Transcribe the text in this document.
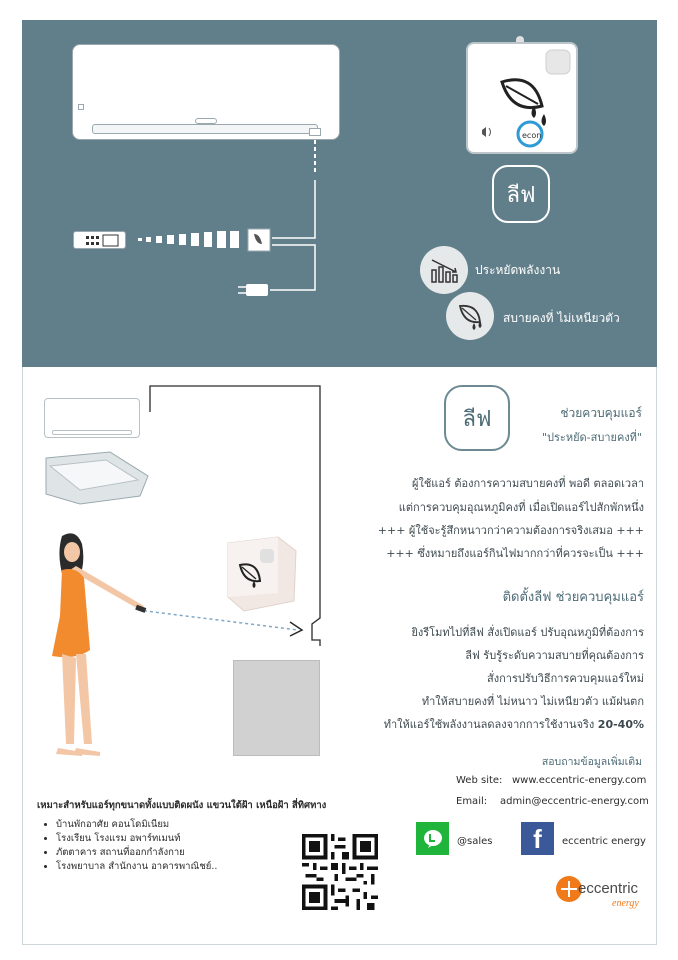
econ
ลีฟ
ประหยัดพลังงาน
สบายคงที่ ไม่เหนียวตัว
ลีฟ	ช่วยควบคุมแอร์
"ประหยัด-สบายคงที่"
ผู้ใช้แอร์ ต้องการความสบายคงที่ พอดี ตลอดเวลา
แต่การควบคุมอุณหภูมิคงที่ เมื่อเปิดแอร์ไปสักพักหนึ่ง
+++ ผู้ใช้จะรู้สึกหนาวกว่าความต้องการจริงเสมอ +++
+++ ซึ่งหมายถึงแอร์กินไฟมากกว่าที่ควรจะเป็น +++
ติดตั้งลีฟ ช่วยควบคุมแอร์
ยิงรีโมทไปที่ลีฟ สั่งเปิดแอร์ ปรับอุณหภูมิที่ต้องการ
ลีฟ รับรู้ระดับความสบายที่คุณต้องการ
สั่งการปรับวิธีการควบคุมแอร์ใหม่
ทำให้สบายคงที่ ไม่หนาว ไม่เหนียวตัว แม้ฝนตก
ทำให้แอร์ใช้พลังงานลดลงจากการใช้งานจริง 20-40%
สอบถามข้อมูลเพิ่มเติม
Web site: www.eccentric-energy.com
Email: admin@eccentric-energy.com
เหมาะสำหรับแอร์ทุกขนาดทั้งแบบติดผนัง แขวนใต้ฝ้า เหนือฝ้า สี่ทิศทาง
• บ้านพักอาศัย คอนโดมิเนียม
• โรงเรียน โรงแรม อพาร์ทเมนท์
• ภัตตาคาร สถานที่ออกกำลังกาย
• โรงพยาบาล สำนักงาน อาคารพาณิชย์..
@sales	f	eccentric energy
eccentric
energy
